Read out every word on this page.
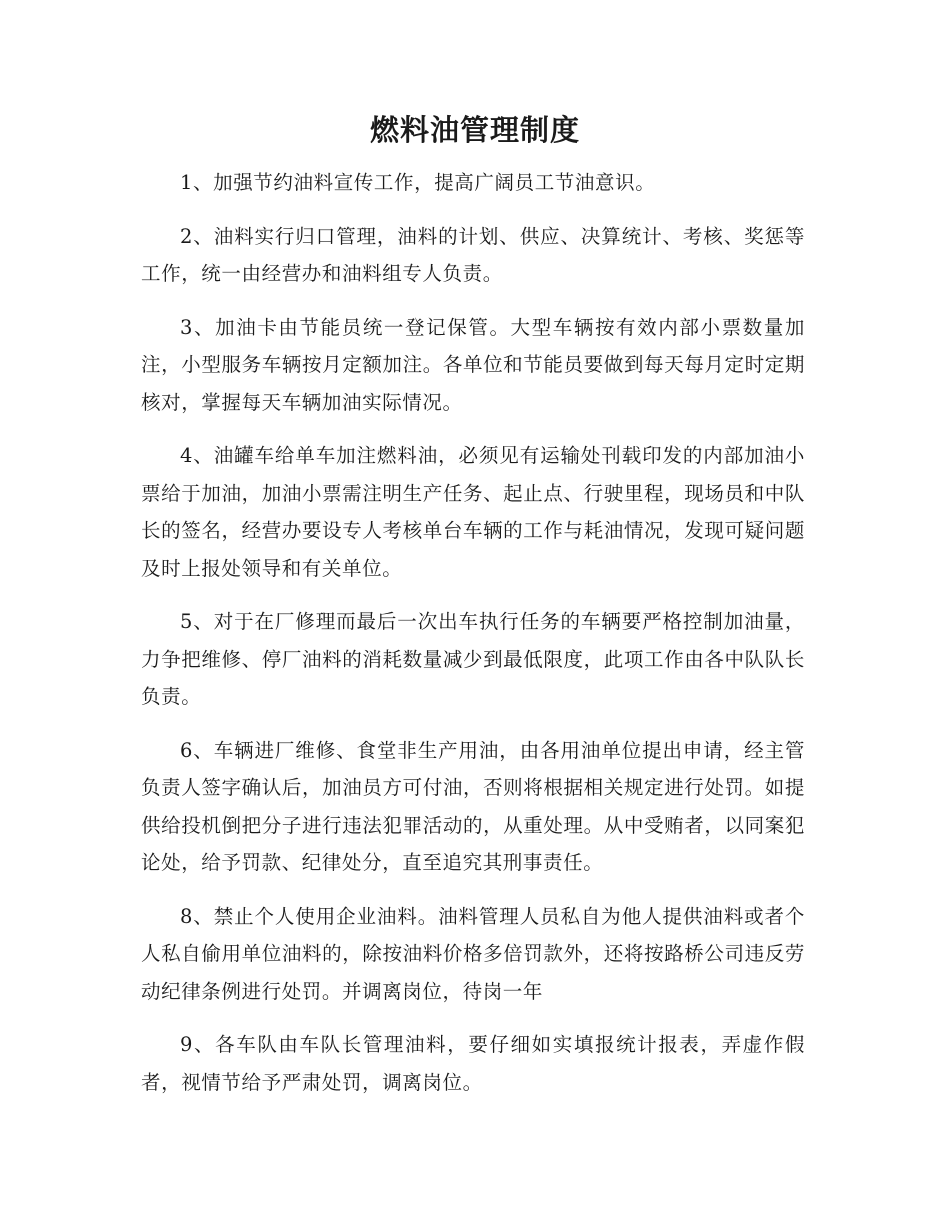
燃料油管理制度

1、加强节约油料宣传工作，提高广阔员工节油意识。

2、油料实行归口管理，油料的计划、供应、决算统计、考核、奖惩等工作，统一由经营办和油料组专人负责。

3、加油卡由节能员统一登记保管。大型车辆按有效内部小票数量加注，小型服务车辆按月定额加注。各单位和节能员要做到每天每月定时定期核对，掌握每天车辆加油实际情况。

4、油罐车给单车加注燃料油，必须见有运输处刊载印发的内部加油小票给于加油，加油小票需注明生产任务、起止点、行驶里程，现场员和中队长的签名，经营办要设专人考核单台车辆的工作与耗油情况，发现可疑问题及时上报处领导和有关单位。

5、对于在厂修理而最后一次出车执行任务的车辆要严格控制加油量，力争把维修、停厂油料的消耗数量减少到最低限度，此项工作由各中队队长负责。

6、车辆进厂维修、食堂非生产用油，由各用油单位提出申请，经主管负责人签字确认后，加油员方可付油，否则将根据相关规定进行处罚。如提供给投机倒把分子进行违法犯罪活动的，从重处理。从中受贿者，以同案犯论处，给予罚款、纪律处分，直至追究其刑事责任。

8、禁止个人使用企业油料。油料管理人员私自为他人提供油料或者个人私自偷用单位油料的，除按油料价格多倍罚款外，还将按路桥公司违反劳动纪律条例进行处罚。并调离岗位，待岗一年

9、各车队由车队长管理油料，要仔细如实填报统计报表，弄虚作假者，视情节给予严肃处罚，调离岗位。
